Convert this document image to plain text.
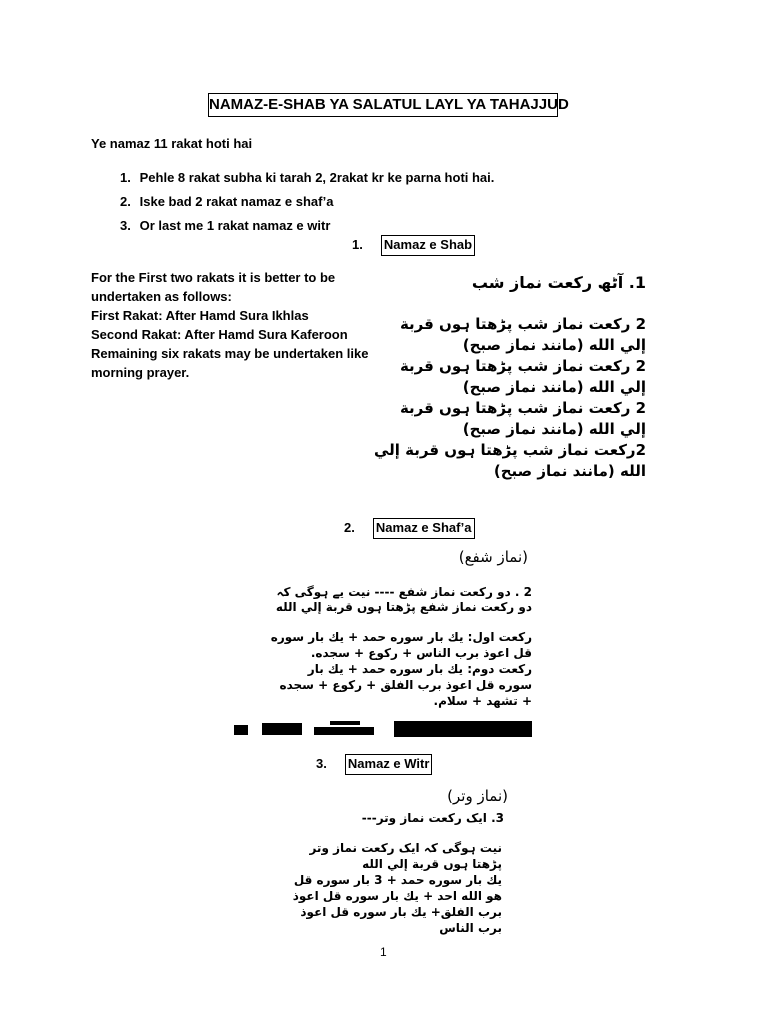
NAMAZ-E-SHAB YA SALATUL LAYL YA TAHAJJUD
Ye namaz 11 rakat hoti hai
1. Pehle 8 rakat subha ki tarah 2, 2rakat kr ke parna hoti hai.
2. Iske bad 2 rakat namaz e shaf’a
3. Or last me 1 rakat namaz e witr
1. Namaz e Shab
For the First two rakats it is better to be
undertaken as follows:
First Rakat: After Hamd Sura Ikhlas
Second Rakat: After Hamd Sura Kaferoon
Remaining six rakats may be undertaken like
morning prayer.
1. آٹھ رکعت نماز شب
2 رکعت نماز شب پڑھتا ہوں قربة
إلي الله (مانند نماز صبح)
2 رکعت نماز شب پڑھتا ہوں قربة
إلي الله (مانند نماز صبح)
2 رکعت نماز شب پڑھتا ہوں قربة
إلي الله (مانند نماز صبح)
2رکعت نماز شب پڑھتا ہوں قربة إلي
الله (مانند نماز صبح)
2. Namaz e Shaf’a
(نماز شفع)
2 . دو رکعت نماز شفع ---- نیت یے ہوگی کہ
دو رکعت نماز شفع پڑھتا ہوں قربة إلي الله
رکعت اول: یك بار سوره حمد + یك بار سوره
قل اعوذ برب الناس + رکوع + سجده.
رکعت دوم: یك بار سوره حمد + یك بار
سوره قل اعوذ برب الفلق + رکوع + سجده
+ تشهد + سلام.
3. Namaz e Witr
(نماز وتر)
3. ایک رکعت نماز وتر---
نیت ہوگی کہ ایک رکعت نماز وتر
پڑھتا ہوں قربة إلي الله
یك بار سوره حمد + 3 بار سوره قل
هو الله احد + یك بار سوره قل اعوذ
برب الفلق+ یك بار سوره قل اعوذ
برب الناس
1
